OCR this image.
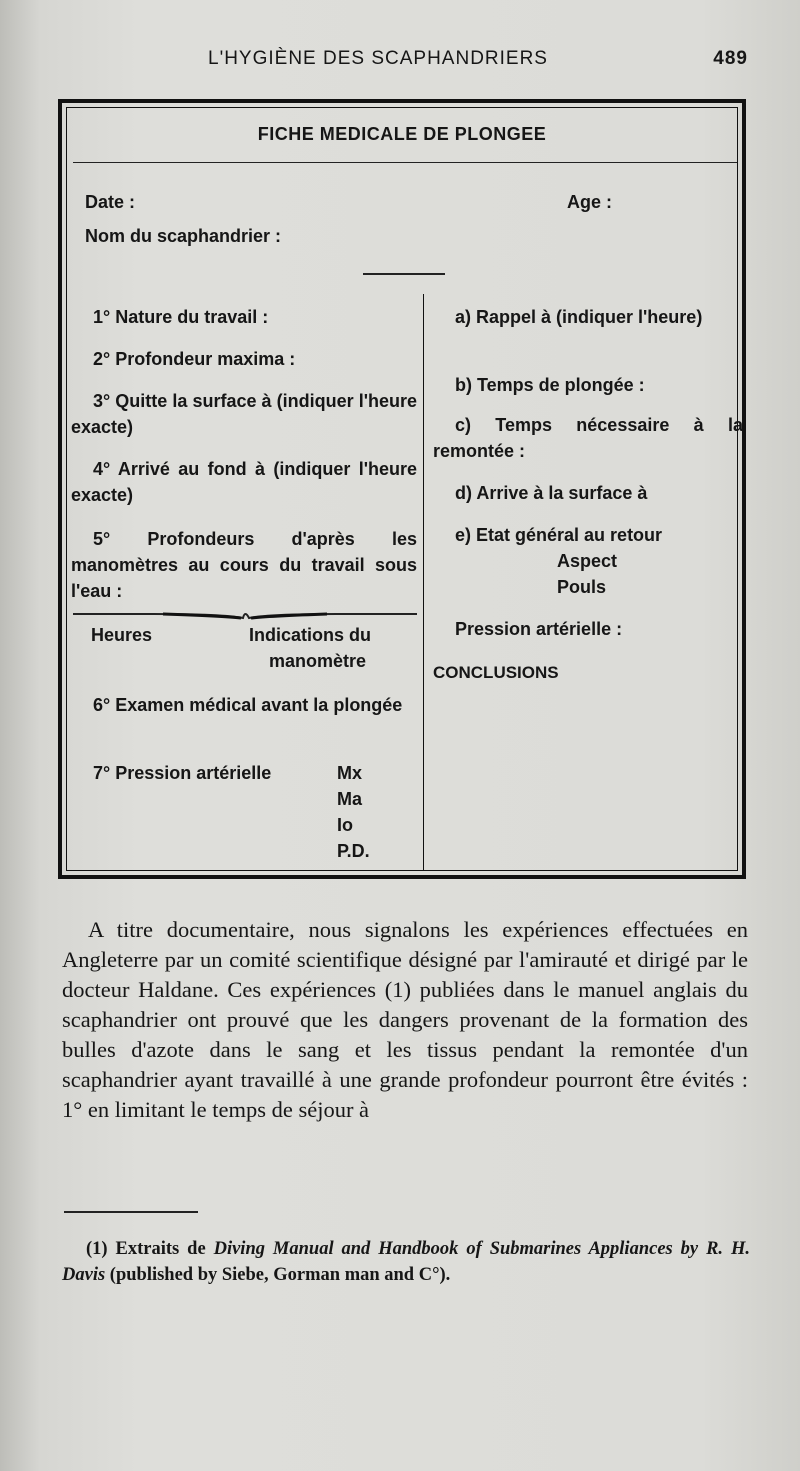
L'HYGIÈNE DES SCAPHANDRIERS	489
FICHE MEDICALE DE PLONGEE
Date :	Age :
Nom du scaphandrier :
1° Nature du travail :
2° Profondeur maxima :
3° Quitte la surface à (indiquer l'heure exacte)
4° Arrivé au fond à (indiquer l'heure exacte)
5° Profondeurs d'après les manomètres au cours du travail sous l'eau :
Heures	Indications du
manomètre
6° Examen médical avant la plongée
7° Pression artérielle	Mx
Ma
Io
P.D.
a) Rappel à (indiquer l'heure)
b) Temps de plongée :
c) Temps nécessaire à la remontée :
d) Arrive à la surface à
e) Etat général au retour
Aspect
Pouls
Pression artérielle :
CONCLUSIONS

A titre documentaire, nous signalons les expériences effectuées en Angleterre par un comité scientifique désigné par l'amirauté et dirigé par le docteur Haldane. Ces expériences (1) publiées dans le manuel anglais du scaphandrier ont prouvé que les dangers provenant de la formation des bulles d'azote dans le sang et les tissus pendant la remontée d'un scaphandrier ayant travaillé à une grande profondeur pourront être évités : 1° en limitant le temps de séjour à

(1) Extraits de Diving Manual and Handbook of Submarines Appliances by R. H. Davis (published by Siebe, Gorman man and C°).
